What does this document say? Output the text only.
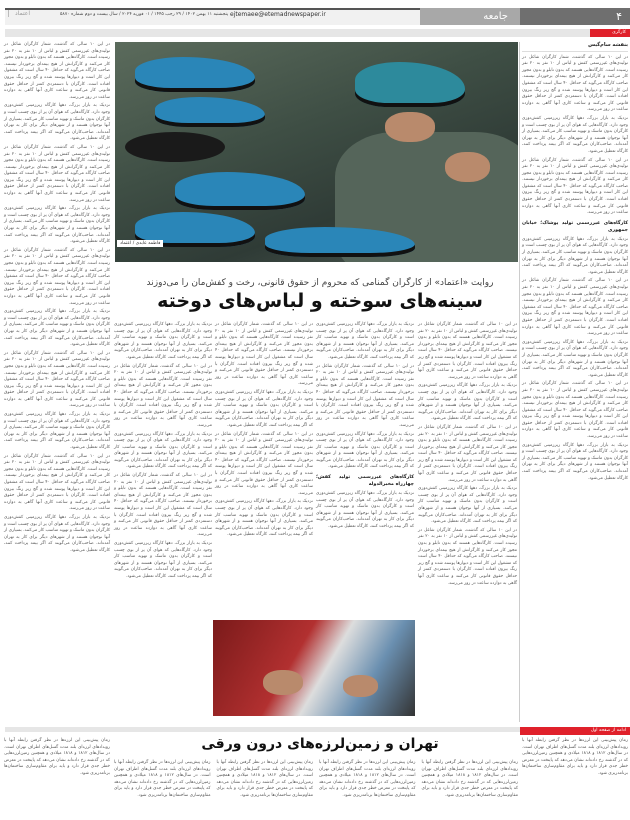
۴
جامعه
ejtemaee@etemadnewspaper.ir
پنجشنبه ۱۱ بهمن ۱۴۰۲ / ۲۹ رجب ۱۴۴۵ / ۰۱ فوریه ۲۰۲۴ / سال بیست و دوم شماره ۵۸۷۰
اعتماد
کارگری
بنفشه سام‌گیس

در این ۱۰ سالی که گذشت، شمار کارگران شاغل در تولیدی‌های غیررسمی کفش و لباس از ۱۰ نفر به ۲۰ نفر رسیده است. کارگاه‌هایی هستند که بدون تابلو و بدون مجوز کار می‌کنند و کارگرانش از هیچ بیمه‌ای برخوردار نیستند. صاحب کارگاه می‌گوید که حداقل ۴۰ سال است که مشغول این کار است و دیوارها پوسته شده و گچ زیر رنگ بیرون افتاده است. کارگران با دستمزدی کمتر از حداقل حقوق قانونی کار می‌کنند و ساعت کاری آنها گاهی به دوازده ساعت در روز می‌رسد.

نزدیک به بازار بزرگ، دهها کارگاه زیرزمینی کفش‌دوزی وجود دارد. کارگاه‌هایی که هوای آن پر از بوی چسب است و کارگران بدون ماسک و تهویه مناسب کار می‌کنند. بسیاری از آنها نوجوان هستند و از شهرهای دیگر برای کار به تهران آمده‌اند. صاحب‌کاران می‌گویند که اگر بیمه پرداخت کنند، کارگاه تعطیل می‌شود.

در این ۱۰ سالی که گذشت، شمار کارگران شاغل در تولیدی‌های غیررسمی کفش و لباس از ۱۰ نفر به ۲۰ نفر رسیده است. کارگاه‌هایی هستند که بدون تابلو و بدون مجوز کار می‌کنند و کارگرانش از هیچ بیمه‌ای برخوردار نیستند. صاحب کارگاه می‌گوید که حداقل ۴۰ سال است که مشغول این کار است و دیوارها پوسته شده و گچ زیر رنگ بیرون افتاده است. کارگران با دستمزدی کمتر از حداقل حقوق قانونی کار می‌کنند و ساعت کاری آنها گاهی به دوازده ساعت در روز می‌رسد.

کارگاه‌های غیررسمی تولید پوشاک؛ خیابان جمهوری

نزدیک به بازار بزرگ، دهها کارگاه زیرزمینی کفش‌دوزی وجود دارد. کارگاه‌هایی که هوای آن پر از بوی چسب است و کارگران بدون ماسک و تهویه مناسب کار می‌کنند. بسیاری از آنها نوجوان هستند و از شهرهای دیگر برای کار به تهران آمده‌اند. صاحب‌کاران می‌گویند که اگر بیمه پرداخت کنند، کارگاه تعطیل می‌شود.

در این ۱۰ سالی که گذشت، شمار کارگران شاغل در تولیدی‌های غیررسمی کفش و لباس از ۱۰ نفر به ۲۰ نفر رسیده است. کارگاه‌هایی هستند که بدون تابلو و بدون مجوز کار می‌کنند و کارگرانش از هیچ بیمه‌ای برخوردار نیستند. صاحب کارگاه می‌گوید که حداقل ۴۰ سال است که مشغول این کار است و دیوارها پوسته شده و گچ زیر رنگ بیرون افتاده است. کارگران با دستمزدی کمتر از حداقل حقوق قانونی کار می‌کنند و ساعت کاری آنها گاهی به دوازده ساعت در روز می‌رسد.

نزدیک به بازار بزرگ، دهها کارگاه زیرزمینی کفش‌دوزی وجود دارد. کارگاه‌هایی که هوای آن پر از بوی چسب است و کارگران بدون ماسک و تهویه مناسب کار می‌کنند. بسیاری از آنها نوجوان هستند و از شهرهای دیگر برای کار به تهران آمده‌اند. صاحب‌کاران می‌گویند که اگر بیمه پرداخت کنند، کارگاه تعطیل می‌شود.

در این ۱۰ سالی که گذشت، شمار کارگران شاغل در تولیدی‌های غیررسمی کفش و لباس از ۱۰ نفر به ۲۰ نفر رسیده است. کارگاه‌هایی هستند که بدون تابلو و بدون مجوز کار می‌کنند و کارگرانش از هیچ بیمه‌ای برخوردار نیستند. صاحب کارگاه می‌گوید که حداقل ۴۰ سال است که مشغول این کار است و دیوارها پوسته شده و گچ زیر رنگ بیرون افتاده است. کارگران با دستمزدی کمتر از حداقل حقوق قانونی کار می‌کنند و ساعت کاری آنها گاهی به دوازده ساعت در روز می‌رسد.

نزدیک به بازار بزرگ، دهها کارگاه زیرزمینی کفش‌دوزی وجود دارد. کارگاه‌هایی که هوای آن پر از بوی چسب است و کارگران بدون ماسک و تهویه مناسب کار می‌کنند. بسیاری از آنها نوجوان هستند و از شهرهای دیگر برای کار به تهران آمده‌اند. صاحب‌کاران می‌گویند که اگر بیمه پرداخت کنند، کارگاه تعطیل می‌شود.

فاطمه عابدی / اعتماد
روایت «اعتماد» از کارگران گمنامی که محروم از حقوق قانونی، رخت و کفش‌مان را می‌دوزند
سینه‌های سوخته و لباس‌های دوخته

در این ۱۰ سالی که گذشت، شمار کارگران شاغل در تولیدی‌های غیررسمی کفش و لباس از ۱۰ نفر به ۲۰ نفر رسیده است. کارگاه‌هایی هستند که بدون تابلو و بدون مجوز کار می‌کنند و کارگرانش از هیچ بیمه‌ای برخوردار نیستند. صاحب کارگاه می‌گوید که حداقل ۴۰ سال است که مشغول این کار است و دیوارها پوسته شده و گچ زیر رنگ بیرون افتاده است. کارگران با دستمزدی کمتر از حداقل حقوق قانونی کار می‌کنند و ساعت کاری آنها گاهی به دوازده ساعت در روز می‌رسد.

نزدیک به بازار بزرگ، دهها کارگاه زیرزمینی کفش‌دوزی وجود دارد. کارگاه‌هایی که هوای آن پر از بوی چسب است و کارگران بدون ماسک و تهویه مناسب کار می‌کنند. بسیاری از آنها نوجوان هستند و از شهرهای دیگر برای کار به تهران آمده‌اند. صاحب‌کاران می‌گویند که اگر بیمه پرداخت کنند، کارگاه تعطیل می‌شود.

در این ۱۰ سالی که گذشت، شمار کارگران شاغل در تولیدی‌های غیررسمی کفش و لباس از ۱۰ نفر به ۲۰ نفر رسیده است. کارگاه‌هایی هستند که بدون تابلو و بدون مجوز کار می‌کنند و کارگرانش از هیچ بیمه‌ای برخوردار نیستند. صاحب کارگاه می‌گوید که حداقل ۴۰ سال است که مشغول این کار است و دیوارها پوسته شده و گچ زیر رنگ بیرون افتاده است. کارگران با دستمزدی کمتر از حداقل حقوق قانونی کار می‌کنند و ساعت کاری آنها گاهی به دوازده ساعت در روز می‌رسد.

نزدیک به بازار بزرگ، دهها کارگاه زیرزمینی کفش‌دوزی وجود دارد. کارگاه‌هایی که هوای آن پر از بوی چسب است و کارگران بدون ماسک و تهویه مناسب کار می‌کنند. بسیاری از آنها نوجوان هستند و از شهرهای دیگر برای کار به تهران آمده‌اند. صاحب‌کاران می‌گویند که اگر بیمه پرداخت کنند، کارگاه تعطیل می‌شود.

در این ۱۰ سالی که گذشت، شمار کارگران شاغل در تولیدی‌های غیررسمی کفش و لباس از ۱۰ نفر به ۲۰ نفر رسیده است. کارگاه‌هایی هستند که بدون تابلو و بدون مجوز کار می‌کنند و کارگرانش از هیچ بیمه‌ای برخوردار نیستند. صاحب کارگاه می‌گوید که حداقل ۴۰ سال است که مشغول این کار است و دیوارها پوسته شده و گچ زیر رنگ بیرون افتاده است. کارگران با دستمزدی کمتر از حداقل حقوق قانونی کار می‌کنند و ساعت کاری آنها گاهی به دوازده ساعت در روز می‌رسد.

نزدیک به بازار بزرگ، دهها کارگاه زیرزمینی کفش‌دوزی وجود دارد. کارگاه‌هایی که هوای آن پر از بوی چسب است و کارگران بدون ماسک و تهویه مناسب کار می‌کنند. بسیاری از آنها نوجوان هستند و از شهرهای دیگر برای کار به تهران آمده‌اند. صاحب‌کاران می‌گویند که اگر بیمه پرداخت کنند، کارگاه تعطیل می‌شود.

در این ۱۰ سالی که گذشت، شمار کارگران شاغل در تولیدی‌های غیررسمی کفش و لباس از ۱۰ نفر به ۲۰ نفر رسیده است. کارگاه‌هایی هستند که بدون تابلو و بدون مجوز کار می‌کنند و کارگرانش از هیچ بیمه‌ای برخوردار نیستند. صاحب کارگاه می‌گوید که حداقل ۴۰ سال است که مشغول این کار است و دیوارها پوسته شده و گچ زیر رنگ بیرون افتاده است. کارگران با دستمزدی کمتر از حداقل حقوق قانونی کار می‌کنند و ساعت کاری آنها گاهی به دوازده ساعت در روز می‌رسد.

نزدیک به بازار بزرگ، دهها کارگاه زیرزمینی کفش‌دوزی وجود دارد. کارگاه‌هایی که هوای آن پر از بوی چسب است و کارگران بدون ماسک و تهویه مناسب کار می‌کنند. بسیاری از آنها نوجوان هستند و از شهرهای دیگر برای کار به تهران آمده‌اند. صاحب‌کاران می‌گویند که اگر بیمه پرداخت کنند، کارگاه تعطیل می‌شود.

در این ۱۰ سالی که گذشت، شمار کارگران شاغل در تولیدی‌های غیررسمی کفش و لباس از ۱۰ نفر به ۲۰ نفر رسیده است. کارگاه‌هایی هستند که بدون تابلو و بدون مجوز کار می‌کنند و کارگرانش از هیچ بیمه‌ای برخوردار نیستند. صاحب کارگاه می‌گوید که حداقل ۴۰ سال است که مشغول این کار است و دیوارها پوسته شده و گچ زیر رنگ بیرون افتاده است. کارگران با دستمزدی کمتر از حداقل حقوق قانونی کار می‌کنند و ساعت کاری آنها گاهی به دوازده ساعت در روز می‌رسد.

نزدیک به بازار بزرگ، دهها کارگاه زیرزمینی کفش‌دوزی وجود دارد. کارگاه‌هایی که هوای آن پر از بوی چسب است و کارگران بدون ماسک و تهویه مناسب کار می‌کنند. بسیاری از آنها نوجوان هستند و از شهرهای دیگر برای کار به تهران آمده‌اند. صاحب‌کاران می‌گویند که اگر بیمه پرداخت کنند، کارگاه تعطیل می‌شود.

در این ۱۰ سالی که گذشت، شمار کارگران شاغل در تولیدی‌های غیررسمی کفش و لباس از ۱۰ نفر به ۲۰ نفر رسیده است. کارگاه‌هایی هستند که بدون تابلو و بدون مجوز کار می‌کنند و کارگرانش از هیچ بیمه‌ای برخوردار نیستند. صاحب کارگاه می‌گوید که حداقل ۴۰ سال است که مشغول این کار است و دیوارها پوسته شده و گچ زیر رنگ بیرون افتاده است. کارگران با دستمزدی کمتر از حداقل حقوق قانونی کار می‌کنند و ساعت کاری آنها گاهی به دوازده ساعت در روز می‌رسد.

نزدیک به بازار بزرگ، دهها کارگاه زیرزمینی کفش‌دوزی وجود دارد. کارگاه‌هایی که هوای آن پر از بوی چسب است و کارگران بدون ماسک و تهویه مناسب کار می‌کنند. بسیاری از آنها نوجوان هستند و از شهرهای دیگر برای کار به تهران آمده‌اند. صاحب‌کاران می‌گویند که اگر بیمه پرداخت کنند، کارگاه تعطیل می‌شود.

در این ۱۰ سالی که گذشت، شمار کارگران شاغل در تولیدی‌های غیررسمی کفش و لباس از ۱۰ نفر به ۲۰ نفر رسیده است. کارگاه‌هایی هستند که بدون تابلو و بدون مجوز کار می‌کنند و کارگرانش از هیچ بیمه‌ای برخوردار نیستند. صاحب کارگاه می‌گوید که حداقل ۴۰ سال است که مشغول این کار است و دیوارها پوسته شده و گچ زیر رنگ بیرون افتاده است. کارگران با دستمزدی کمتر از حداقل حقوق قانونی کار می‌کنند و ساعت کاری آنها گاهی به دوازده ساعت در روز می‌رسد.

نزدیک به بازار بزرگ، دهها کارگاه زیرزمینی کفش‌دوزی وجود دارد. کارگاه‌هایی که هوای آن پر از بوی چسب است و کارگران بدون ماسک و تهویه مناسب کار می‌کنند. بسیاری از آنها نوجوان هستند و از شهرهای دیگر برای کار به تهران آمده‌اند. صاحب‌کاران می‌گویند که اگر بیمه پرداخت کنند، کارگاه تعطیل می‌شود.

در این ۱۰ سالی که گذشت، شمار کارگران شاغل در تولیدی‌های غیررسمی کفش و لباس از ۱۰ نفر به ۲۰ نفر رسیده است. کارگاه‌هایی هستند که بدون تابلو و بدون مجوز کار می‌کنند و کارگرانش از هیچ بیمه‌ای برخوردار نیستند. صاحب کارگاه می‌گوید که حداقل ۴۰ سال است که مشغول این کار است و دیوارها پوسته شده و گچ زیر رنگ بیرون افتاده است. کارگران با دستمزدی کمتر از حداقل حقوق قانونی کار می‌کنند و ساعت کاری آنها گاهی به دوازده ساعت در روز می‌رسد.

نزدیک به بازار بزرگ، دهها کارگاه زیرزمینی کفش‌دوزی وجود دارد. کارگاه‌هایی که هوای آن پر از بوی چسب است و کارگران بدون ماسک و تهویه مناسب کار می‌کنند. بسیاری از آنها نوجوان هستند و از شهرهای دیگر برای کار به تهران آمده‌اند. صاحب‌کاران می‌گویند که اگر بیمه پرداخت کنند، کارگاه تعطیل می‌شود.

در این ۱۰ سالی که گذشت، شمار کارگران شاغل در تولیدی‌های غیررسمی کفش و لباس از ۱۰ نفر به ۲۰ نفر رسیده است. کارگاه‌هایی هستند که بدون تابلو و بدون مجوز کار می‌کنند و کارگرانش از هیچ بیمه‌ای برخوردار نیستند. صاحب کارگاه می‌گوید که حداقل ۴۰ سال است که مشغول این کار است و دیوارها پوسته شده و گچ زیر رنگ بیرون افتاده است. کارگران با دستمزدی کمتر از حداقل حقوق قانونی کار می‌کنند و ساعت کاری آنها گاهی به دوازده ساعت در روز می‌رسد.

نزدیک به بازار بزرگ، دهها کارگاه زیرزمینی کفش‌دوزی وجود دارد. کارگاه‌هایی که هوای آن پر از بوی چسب است و کارگران بدون ماسک و تهویه مناسب کار می‌کنند. بسیاری از آنها نوجوان هستند و از شهرهای دیگر برای کار به تهران آمده‌اند. صاحب‌کاران می‌گویند که اگر بیمه پرداخت کنند، کارگاه تعطیل می‌شود.

کارگاه‌های غیررسمی تولید کفش؛ چهارراه مخبرالدوله

نزدیک به بازار بزرگ، دهها کارگاه زیرزمینی کفش‌دوزی وجود دارد. کارگاه‌هایی که هوای آن پر از بوی چسب است و کارگران بدون ماسک و تهویه مناسب کار می‌کنند. بسیاری از آنها نوجوان هستند و از شهرهای دیگر برای کار به تهران آمده‌اند. صاحب‌کاران می‌گویند که اگر بیمه پرداخت کنند، کارگاه تعطیل می‌شود.

در این ۱۰ سالی که گذشت، شمار کارگران شاغل در تولیدی‌های غیررسمی کفش و لباس از ۱۰ نفر به ۲۰ نفر رسیده است. کارگاه‌هایی هستند که بدون تابلو و بدون مجوز کار می‌کنند و کارگرانش از هیچ بیمه‌ای برخوردار نیستند. صاحب کارگاه می‌گوید که حداقل ۴۰ سال است که مشغول این کار است و دیوارها پوسته شده و گچ زیر رنگ بیرون افتاده است. کارگران با دستمزدی کمتر از حداقل حقوق قانونی کار می‌کنند و ساعت کاری آنها گاهی به دوازده ساعت در روز می‌رسد.

نزدیک به بازار بزرگ، دهها کارگاه زیرزمینی کفش‌دوزی وجود دارد. کارگاه‌هایی که هوای آن پر از بوی چسب است و کارگران بدون ماسک و تهویه مناسب کار می‌کنند. بسیاری از آنها نوجوان هستند و از شهرهای دیگر برای کار به تهران آمده‌اند. صاحب‌کاران می‌گویند که اگر بیمه پرداخت کنند، کارگاه تعطیل می‌شود.

در این ۱۰ سالی که گذشت، شمار کارگران شاغل در تولیدی‌های غیررسمی کفش و لباس از ۱۰ نفر به ۲۰ نفر رسیده است. کارگاه‌هایی هستند که بدون تابلو و بدون مجوز کار می‌کنند و کارگرانش از هیچ بیمه‌ای برخوردار نیستند. صاحب کارگاه می‌گوید که حداقل ۴۰ سال است که مشغول این کار است و دیوارها پوسته شده و گچ زیر رنگ بیرون افتاده است. کارگران با دستمزدی کمتر از حداقل حقوق قانونی کار می‌کنند و ساعت کاری آنها گاهی به دوازده ساعت در روز می‌رسد.

نزدیک به بازار بزرگ، دهها کارگاه زیرزمینی کفش‌دوزی وجود دارد. کارگاه‌هایی که هوای آن پر از بوی چسب است و کارگران بدون ماسک و تهویه مناسب کار می‌کنند. بسیاری از آنها نوجوان هستند و از شهرهای دیگر برای کار به تهران آمده‌اند. صاحب‌کاران می‌گویند که اگر بیمه پرداخت کنند، کارگاه تعطیل می‌شود.

نزدیک به بازار بزرگ، دهها کارگاه زیرزمینی کفش‌دوزی وجود دارد. کارگاه‌هایی که هوای آن پر از بوی چسب است و کارگران بدون ماسک و تهویه مناسب کار می‌کنند. بسیاری از آنها نوجوان هستند و از شهرهای دیگر برای کار به تهران آمده‌اند. صاحب‌کاران می‌گویند که اگر بیمه پرداخت کنند، کارگاه تعطیل می‌شود.

در این ۱۰ سالی که گذشت، شمار کارگران شاغل در تولیدی‌های غیررسمی کفش و لباس از ۱۰ نفر به ۲۰ نفر رسیده است. کارگاه‌هایی هستند که بدون تابلو و بدون مجوز کار می‌کنند و کارگرانش از هیچ بیمه‌ای برخوردار نیستند. صاحب کارگاه می‌گوید که حداقل ۴۰ سال است که مشغول این کار است و دیوارها پوسته شده و گچ زیر رنگ بیرون افتاده است. کارگران با دستمزدی کمتر از حداقل حقوق قانونی کار می‌کنند و ساعت کاری آنها گاهی به دوازده ساعت در روز می‌رسد.

نزدیک به بازار بزرگ، دهها کارگاه زیرزمینی کفش‌دوزی وجود دارد. کارگاه‌هایی که هوای آن پر از بوی چسب است و کارگران بدون ماسک و تهویه مناسب کار می‌کنند. بسیاری از آنها نوجوان هستند و از شهرهای دیگر برای کار به تهران آمده‌اند. صاحب‌کاران می‌گویند که اگر بیمه پرداخت کنند، کارگاه تعطیل می‌شود.

در این ۱۰ سالی که گذشت، شمار کارگران شاغل در تولیدی‌های غیررسمی کفش و لباس از ۱۰ نفر به ۲۰ نفر رسیده است. کارگاه‌هایی هستند که بدون تابلو و بدون مجوز کار می‌کنند و کارگرانش از هیچ بیمه‌ای برخوردار نیستند. صاحب کارگاه می‌گوید که حداقل ۴۰ سال است که مشغول این کار است و دیوارها پوسته شده و گچ زیر رنگ بیرون افتاده است. کارگران با دستمزدی کمتر از حداقل حقوق قانونی کار می‌کنند و ساعت کاری آنها گاهی به دوازده ساعت در روز می‌رسد.

نزدیک به بازار بزرگ، دهها کارگاه زیرزمینی کفش‌دوزی وجود دارد. کارگاه‌هایی که هوای آن پر از بوی چسب است و کارگران بدون ماسک و تهویه مناسب کار می‌کنند. بسیاری از آنها نوجوان هستند و از شهرهای دیگر برای کار به تهران آمده‌اند. صاحب‌کاران می‌گویند که اگر بیمه پرداخت کنند، کارگاه تعطیل می‌شود.

ادامه از صفحه اول
تهران و زمین‌لرزه‌های درون ورقی	زمان پیش‌بینی این لرزه‌ها در نظر گرفتن رابطه آنها با رویدادهای لرزه‌ای بلند مدت گسل‌های اطراف تهران است. در سال‌های ۱۸۱۲ و ۱۸۱۸ میلادی و همچنین زمین‌لرزه‌هایی که در گذشته رخ داده‌اند نشان می‌دهد که پایتخت در معرض خطر جدی قرار دارد و باید برای مقاوم‌سازی ساختمان‌ها برنامه‌ریزی شود.

زمان پیش‌بینی این لرزه‌ها در نظر گرفتن رابطه آنها با رویدادهای لرزه‌ای بلند مدت گسل‌های اطراف تهران است. در سال‌های ۱۸۱۲ و ۱۸۱۸ میلادی و همچنین زمین‌لرزه‌هایی که در گذشته رخ داده‌اند نشان می‌دهد که پایتخت در معرض خطر جدی قرار دارد و باید برای مقاوم‌سازی ساختمان‌ها برنامه‌ریزی شود.

زمان پیش‌بینی این لرزه‌ها در نظر گرفتن رابطه آنها با رویدادهای لرزه‌ای بلند مدت گسل‌های اطراف تهران است. در سال‌های ۱۸۱۲ و ۱۸۱۸ میلادی و همچنین زمین‌لرزه‌هایی که در گذشته رخ داده‌اند نشان می‌دهد که پایتخت در معرض خطر جدی قرار دارد و باید برای مقاوم‌سازی ساختمان‌ها برنامه‌ریزی شود.

زمان پیش‌بینی این لرزه‌ها در نظر گرفتن رابطه آنها با رویدادهای لرزه‌ای بلند مدت گسل‌های اطراف تهران است. در سال‌های ۱۸۱۲ و ۱۸۱۸ میلادی و همچنین زمین‌لرزه‌هایی که در گذشته رخ داده‌اند نشان می‌دهد که پایتخت در معرض خطر جدی قرار دارد و باید برای مقاوم‌سازی ساختمان‌ها برنامه‌ریزی شود.

زمان پیش‌بینی این لرزه‌ها در نظر گرفتن رابطه آنها با رویدادهای لرزه‌ای بلند مدت گسل‌های اطراف تهران است. در سال‌های ۱۸۱۲ و ۱۸۱۸ میلادی و همچنین زمین‌لرزه‌هایی که در گذشته رخ داده‌اند نشان می‌دهد که پایتخت در معرض خطر جدی قرار دارد و باید برای مقاوم‌سازی ساختمان‌ها برنامه‌ریزی شود.

زمان پیش‌بینی این لرزه‌ها در نظر گرفتن رابطه آنها با رویدادهای لرزه‌ای بلند مدت گسل‌های اطراف تهران است. در سال‌های ۱۸۱۲ و ۱۸۱۸ میلادی و همچنین زمین‌لرزه‌هایی که در گذشته رخ داده‌اند نشان می‌دهد که پایتخت در معرض خطر جدی قرار دارد و باید برای مقاوم‌سازی ساختمان‌ها برنامه‌ریزی شود.
